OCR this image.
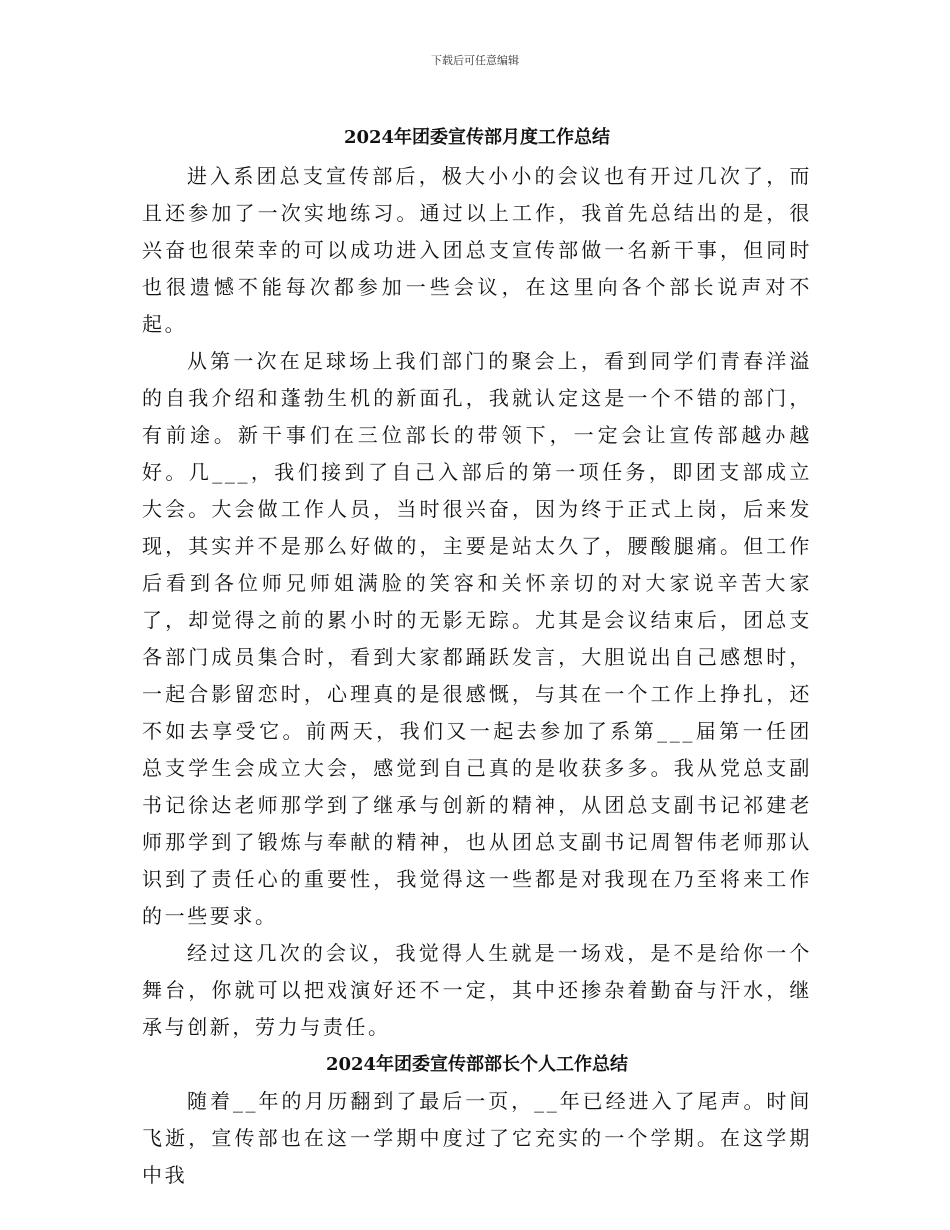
下载后可任意编辑
2024年团委宣传部月度工作总结

进入系团总支宣传部后，极大小小的会议也有开过几次了，而且还参加了一次实地练习。通过以上工作，我首先总结出的是，很兴奋也很荣幸的可以成功进入团总支宣传部做一名新干事，但同时也很遗憾不能每次都参加一些会议，在这里向各个部长说声对不起。

从第一次在足球场上我们部门的聚会上，看到同学们青春洋溢的自我介绍和蓬勃生机的新面孔，我就认定这是一个不错的部门，有前途。新干事们在三位部长的带领下，一定会让宣传部越办越好。几___，我们接到了自己入部后的第一项任务，即团支部成立大会。大会做工作人员，当时很兴奋，因为终于正式上岗，后来发现，其实并不是那么好做的，主要是站太久了，腰酸腿痛。但工作后看到各位师兄师姐满脸的笑容和关怀亲切的对大家说辛苦大家了，却觉得之前的累小时的无影无踪。尤其是会议结束后，团总支各部门成员集合时，看到大家都踊跃发言，大胆说出自己感想时，一起合影留恋时，心理真的是很感慨，与其在一个工作上挣扎，还不如去享受它。前两天，我们又一起去参加了系第___届第一任团总支学生会成立大会，感觉到自己真的是收获多多。我从党总支副书记徐达老师那学到了继承与创新的精神，从团总支副书记祁建老师那学到了锻炼与奉献的精神，也从团总支副书记周智伟老师那认识到了责任心的重要性，我觉得这一些都是对我现在乃至将来工作的一些要求。

经过这几次的会议，我觉得人生就是一场戏，是不是给你一个舞台，你就可以把戏演好还不一定，其中还掺杂着勤奋与汗水，继承与创新，劳力与责任。

2024年团委宣传部部长个人工作总结

随着__年的月历翻到了最后一页，__年已经进入了尾声。时间飞逝，宣传部也在这一学期中度过了它充实的一个学期。在这学期中我
